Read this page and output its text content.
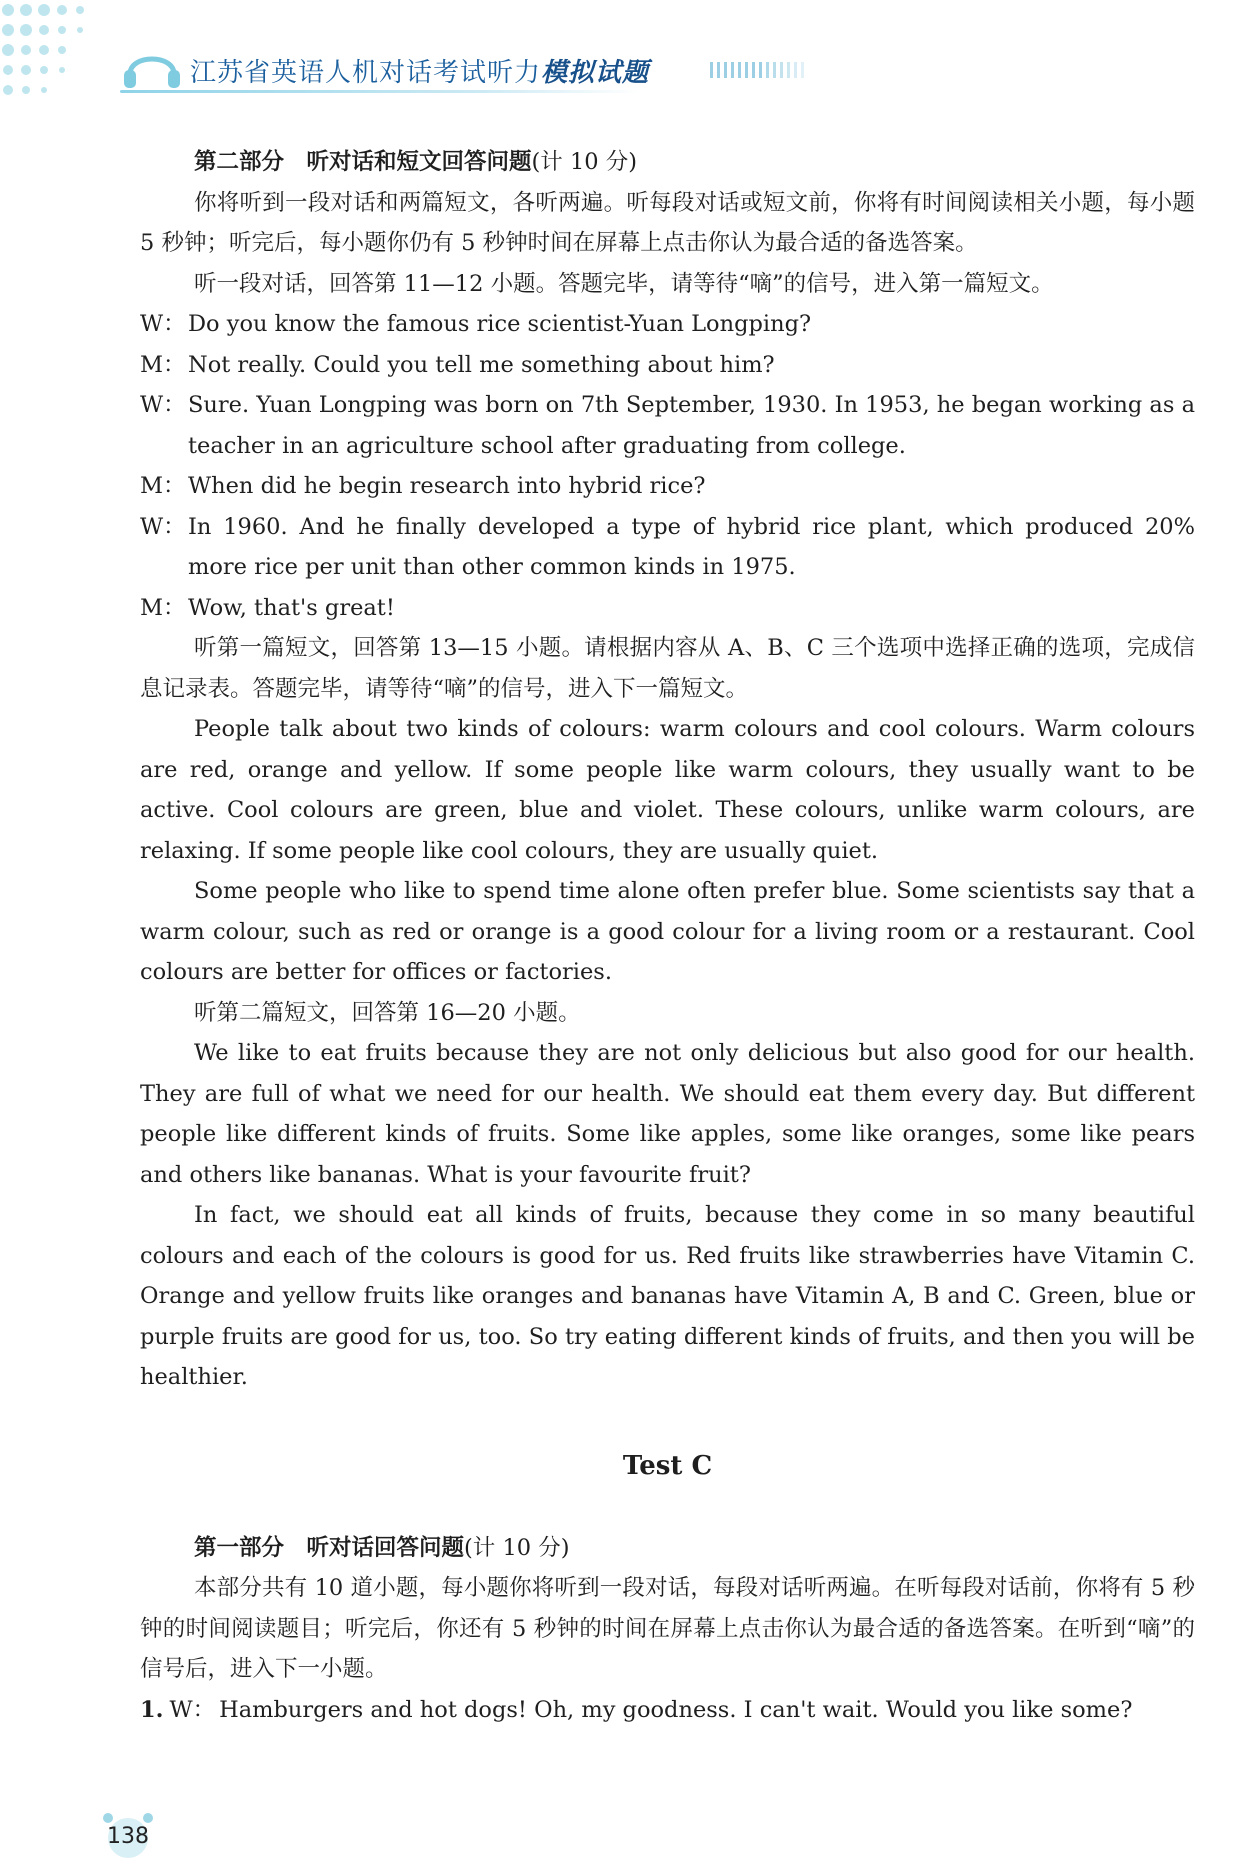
江苏省英语人机对话考试听力模拟试题

第二部分　听对话和短文回答问题(计 10 分)

你将听到一段对话和两篇短文，各听两遍。听每段对话或短文前，你将有时间阅读相关小题，每小题 5 秒钟；听完后，每小题你仍有 5 秒钟时间在屏幕上点击你认为最合适的备选答案。

听一段对话，回答第 11—12 小题。答题完毕，请等待“嘀”的信号，进入第一篇短文。

W： Do you know the famous rice scientist-Yuan Longping?
M： Not really. Could you tell me something about him?
W： Sure. Yuan Longping was born on 7th September, 1930. In 1953, he began working as a teacher in an agriculture school after graduating from college.
M： When did he begin research into hybrid rice?
W： In 1960. And he finally developed a type of hybrid rice plant, which produced 20% more rice per unit than other common kinds in 1975.
M： Wow, that's great!

听第一篇短文，回答第 13—15 小题。请根据内容从 A、B、C 三个选项中选择正确的选项，完成信息记录表。答题完毕，请等待“嘀”的信号，进入下一篇短文。

People talk about two kinds of colours: warm colours and cool colours. Warm colours are red, orange and yellow. If some people like warm colours, they usually want to be active. Cool colours are green, blue and violet. These colours, unlike warm colours, are relaxing. If some people like cool colours, they are usually quiet.

Some people who like to spend time alone often prefer blue. Some scientists say that a warm colour, such as red or orange is a good colour for a living room or a restaurant. Cool colours are better for offices or factories.

听第二篇短文，回答第 16—20 小题。

We like to eat fruits because they are not only delicious but also good for our health. They are full of what we need for our health. We should eat them every day. But different people like different kinds of fruits. Some like apples, some like oranges, some like pears and others like bananas. What is your favourite fruit?

In fact, we should eat all kinds of fruits, because they come in so many beautiful colours and each of the colours is good for us. Red fruits like strawberries have Vitamin C. Orange and yellow fruits like oranges and bananas have Vitamin A, B and C. Green, blue or purple fruits are good for us, too. So try eating different kinds of fruits, and then you will be healthier.

Test C

第一部分　听对话回答问题(计 10 分)

本部分共有 10 道小题，每小题你将听到一段对话，每段对话听两遍。在听每段对话前，你将有 5 秒钟的时间阅读题目；听完后，你还有 5 秒钟的时间在屏幕上点击你认为最合适的备选答案。在听到“嘀”的信号后，进入下一小题。

1. W： Hamburgers and hot dogs! Oh, my goodness. I can't wait. Would you like some?
138
